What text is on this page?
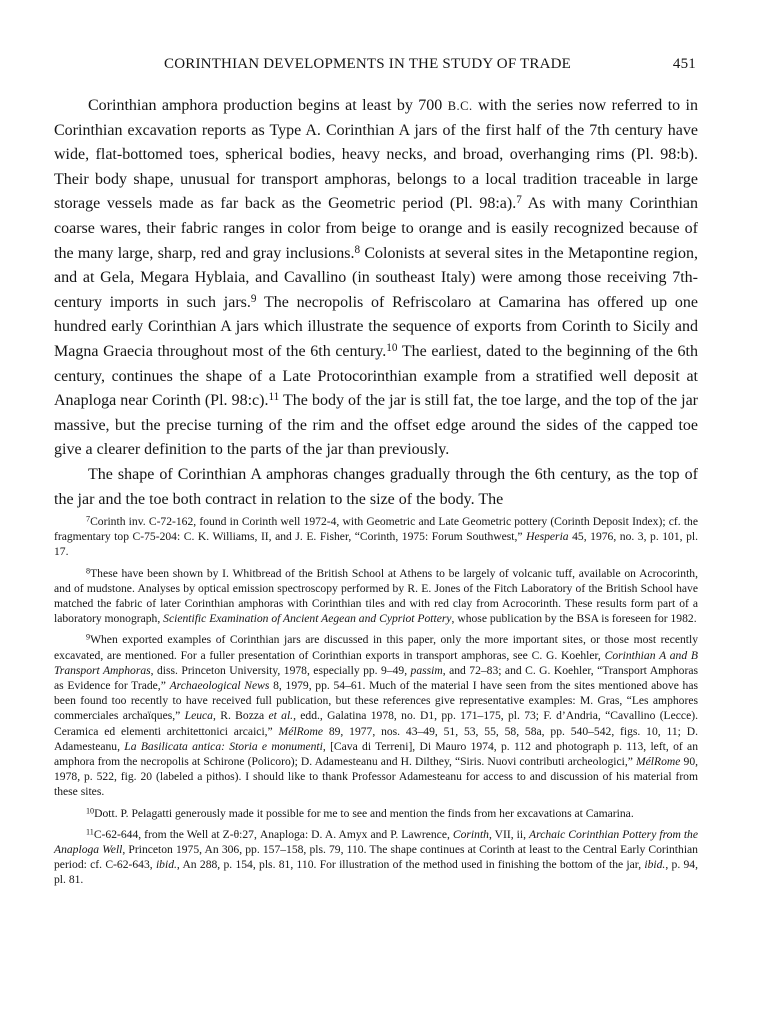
CORINTHIAN DEVELOPMENTS IN THE STUDY OF TRADE	451

Corinthian amphora production begins at least by 700 B.C. with the series now referred to in Corinthian excavation reports as Type A. Corinthian A jars of the first half of the 7th century have wide, flat-bottomed toes, spherical bodies, heavy necks, and broad, overhanging rims (Pl. 98:b). Their body shape, unusual for transport amphoras, belongs to a local tradition traceable in large storage vessels made as far back as the Geometric period (Pl. 98:a).$^7$ As with many Corinthian coarse wares, their fabric ranges in color from beige to orange and is easily recognized because of the many large, sharp, red and gray inclusions.$^8$ Colonists at several sites in the Metapontine region, and at Gela, Megara Hyblaia, and Cavallino (in southeast Italy) were among those receiving 7th-century imports in such jars.$^9$ The necropolis of Refriscolaro at Camarina has offered up one hundred early Corinthian A jars which illustrate the sequence of exports from Corinth to Sicily and Magna Graecia throughout most of the 6th century.$^{10}$ The earliest, dated to the beginning of the 6th century, continues the shape of a Late Protocorinthian example from a stratified well deposit at Anaploga near Corinth (Pl. 98:c).$^{11}$ The body of the jar is still fat, the toe large, and the top of the jar massive, but the precise turning of the rim and the offset edge around the sides of the capped toe give a clearer definition to the parts of the jar than previously.

The shape of Corinthian A amphoras changes gradually through the 6th century, as the top of the jar and the toe both contract in relation to the size of the body. The

$^7$Corinth inv. C-72-162, found in Corinth well 1972-4, with Geometric and Late Geometric pottery (Corinth Deposit Index); cf. the fragmentary top C-75-204: C. K. Williams, II, and J. E. Fisher, “Corinth, 1975: Forum Southwest,” Hesperia 45, 1976, no. 3, p. 101, pl. 17.

$^8$These have been shown by I. Whitbread of the British School at Athens to be largely of volcanic tuff, available on Acrocorinth, and of mudstone. Analyses by optical emission spectroscopy performed by R. E. Jones of the Fitch Laboratory of the British School have matched the fabric of later Corinthian amphoras with Corinthian tiles and with red clay from Acrocorinth. These results form part of a laboratory monograph, Scientific Examination of Ancient Aegean and Cypriot Pottery, whose publication by the BSA is foreseen for 1982.

$^9$When exported examples of Corinthian jars are discussed in this paper, only the more important sites, or those most recently excavated, are mentioned. For a fuller presentation of Corinthian exports in transport amphoras, see C. G. Koehler, Corinthian A and B Transport Amphoras, diss. Princeton University, 1978, especially pp. 9–49, passim, and 72–83; and C. G. Koehler, “Transport Amphoras as Evidence for Trade,” Archaeological News 8, 1979, pp. 54–61. Much of the material I have seen from the sites mentioned above has been found too recently to have received full publication, but these references give representative examples: M. Gras, “Les amphores commerciales archaïques,” Leuca, R. Bozza et al., edd., Galatina 1978, no. D1, pp. 171–175, pl. 73; F. d’Andria, “Cavallino (Lecce). Ceramica ed elementi architettonici arcaici,” MélRome 89, 1977, nos. 43–49, 51, 53, 55, 58, 58a, pp. 540–542, figs. 10, 11; D. Adamesteanu, La Basilicata antica: Storia e monumenti, [Cava di Terreni], Di Mauro 1974, p. 112 and photograph p. 113, left, of an amphora from the necropolis at Schirone (Policoro); D. Adamesteanu and H. Dilthey, “Siris. Nuovi contributi archeologici,” MélRome 90, 1978, p. 522, fig. 20 (labeled a pithos). I should like to thank Professor Adamesteanu for access to and discussion of his material from these sites.

$^{10}$Dott. P. Pelagatti generously made it possible for me to see and mention the finds from her excavations at Camarina.

$^{11}$C-62-644, from the Well at Z-θ:27, Anaploga: D. A. Amyx and P. Lawrence, Corinth, VII, ii, Archaic Corinthian Pottery from the Anaploga Well, Princeton 1975, An 306, pp. 157–158, pls. 79, 110. The shape continues at Corinth at least to the Central Early Corinthian period: cf. C-62-643, ibid., An 288, p. 154, pls. 81, 110. For illustration of the method used in finishing the bottom of the jar, ibid., p. 94, pl. 81.
